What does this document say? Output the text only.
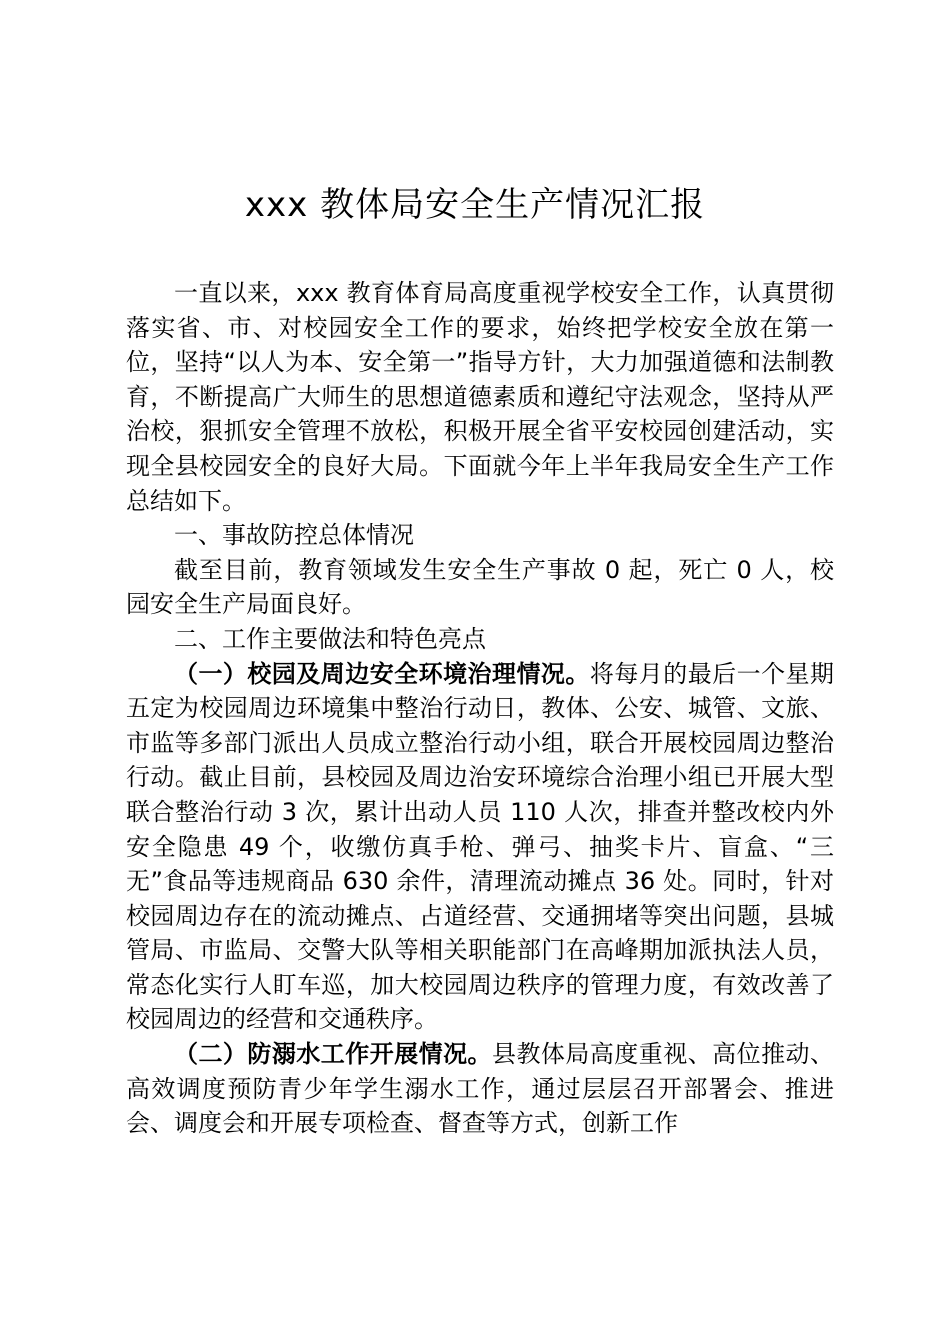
xxx 教体局安全生产情况汇报

一直以来，xxx 教育体育局高度重视学校安全工作，认真贯彻落实省、市、对校园安全工作的要求，始终把学校安全放在第一位，坚持“以人为本、安全第一”指导方针，大力加强道德和法制教育，不断提高广大师生的思想道德素质和遵纪守法观念，坚持从严治校，狠抓安全管理不放松，积极开展全省平安校园创建活动，实现全县校园安全的良好大局。下面就今年上半年我局安全生产工作总结如下。

一、事故防控总体情况

截至目前，教育领域发生安全生产事故 0 起，死亡 0 人，校园安全生产局面良好。

二、工作主要做法和特色亮点

（一）校园及周边安全环境治理情况。将每月的最后一个星期五定为校园周边环境集中整治行动日，教体、公安、城管、文旅、市监等多部门派出人员成立整治行动小组，联合开展校园周边整治行动。截止目前，县校园及周边治安环境综合治理小组已开展大型联合整治行动 3 次，累计出动人员 110 人次，排查并整改校内外安全隐患 49 个，收缴仿真手枪、弹弓、抽奖卡片、盲盒、“三无”食品等违规商品 630 余件，清理流动摊点 36 处。同时，针对校园周边存在的流动摊点、占道经营、交通拥堵等突出问题，县城管局、市监局、交警大队等相关职能部门在高峰期加派执法人员，常态化实行人盯车巡，加大校园周边秩序的管理力度，有效改善了校园周边的经营和交通秩序。

（二）防溺水工作开展情况。县教体局高度重视、高位推动、高效调度预防青少年学生溺水工作，通过层层召开部署会、推进会、调度会和开展专项检查、督查等方式，创新工作
